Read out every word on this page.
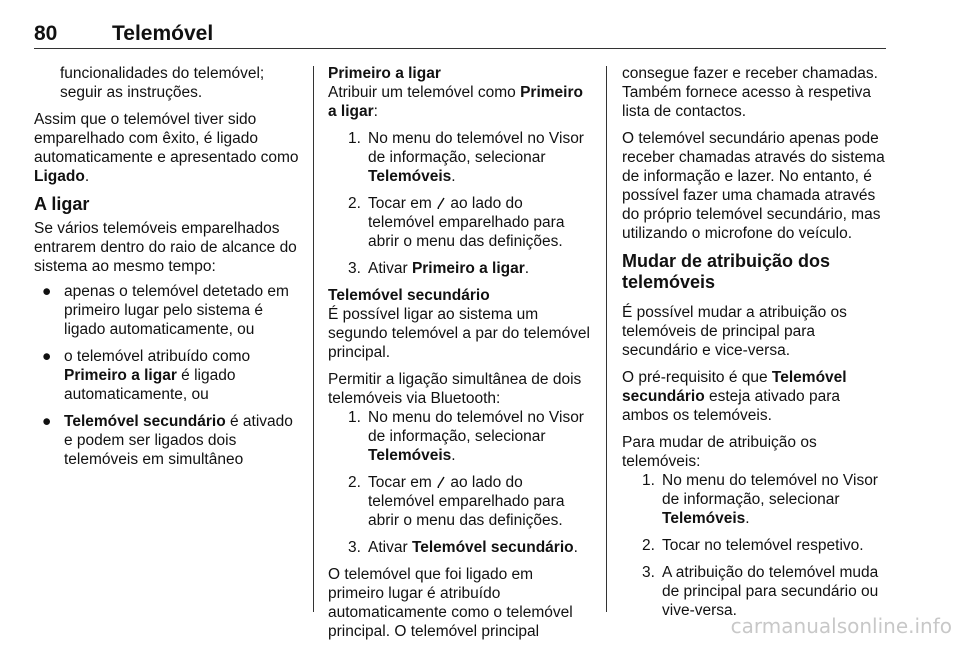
80	Telemóvel

funcionalidades do telemóvel; seguir as instruções.

Assim que o telemóvel tiver sido emparelhado com êxito, é ligado automaticamente e apresentado como Ligado.

A ligar

Se vários telemóveis emparelhados entrarem dentro do raio de alcance do sistema ao mesmo tempo:

● apenas o telemóvel detetado em primeiro lugar pelo sistema é ligado automaticamente, ou
● o telemóvel atribuído como Primeiro a ligar é ligado automaticamente, ou
● Telemóvel secundário é ativado e podem ser ligados dois telemóveis em simultâneo
Primeiro a ligar

Atribuir um telemóvel como Primeiro a ligar:

1. No menu do telemóvel no Visor de informação, selecionar Telemóveis.
2. Tocar em  ao lado do telemóvel emparelhado para abrir o menu das definições.
3. Ativar Primeiro a ligar.
Telemóvel secundário

É possível ligar ao sistema um segundo telemóvel a par do telemóvel principal.

Permitir a ligação simultânea de dois telemóveis via Bluetooth:

1. No menu do telemóvel no Visor de informação, selecionar Telemóveis.
2. Tocar em  ao lado do telemóvel emparelhado para abrir o menu das definições.
3. Ativar Telemóvel secundário.

O telemóvel que foi ligado em primeiro lugar é atribuído automaticamente como o telemóvel principal. O telemóvel principal

consegue fazer e receber chamadas. Também fornece acesso à respetiva lista de contactos.

O telemóvel secundário apenas pode receber chamadas através do sistema de informação e lazer. No entanto, é possível fazer uma chamada através do próprio telemóvel secundário, mas utilizando o microfone do veículo.

Mudar de atribuição dos telemóveis

É possível mudar a atribuição os telemóveis de principal para secundário e vice-versa.

O pré-requisito é que Telemóvel secundário esteja ativado para ambos os telemóveis.

Para mudar de atribuição os telemóveis:

1. No menu do telemóvel no Visor de informação, selecionar Telemóveis.
2. Tocar no telemóvel respetivo.
3. A atribuição do telemóvel muda de principal para secundário ou vive-versa.
carmanualsonline.info
